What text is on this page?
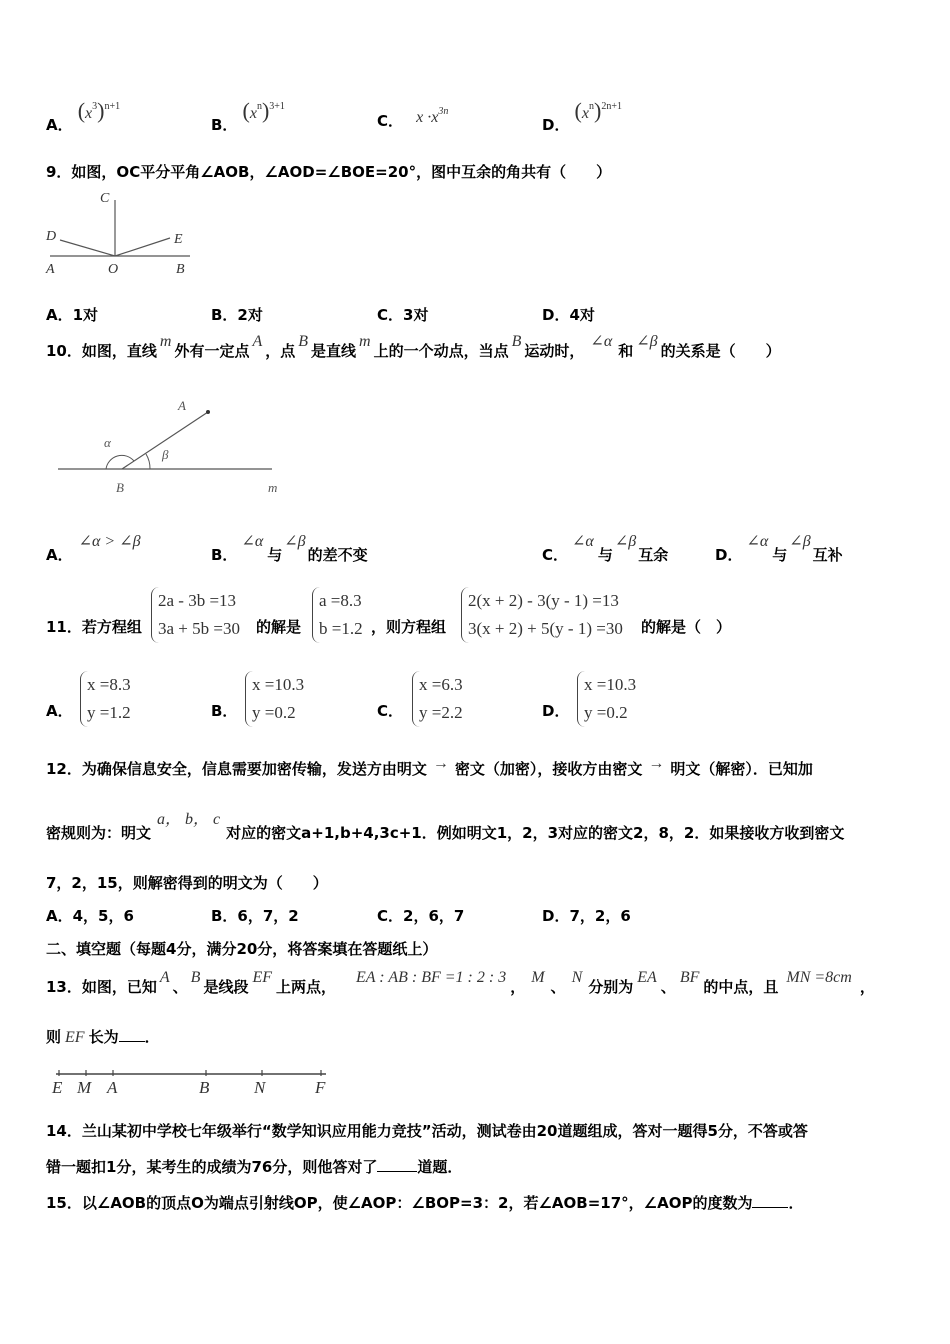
A． $(x^3)^{n+1}$
B． $(x^n)^{3+1}$
C． $x \cdot x^{3n}$
D． $(x^n)^{2n+1}$
9．如图，OC平分平角∠AOB，∠AOD=∠BOE=20°，图中互余的角共有（　　）
C
D	E
A	O	B
A．1对	B．2对	C．3对	D．4对
10．如图，直线m外有一定点A，点B是直线m上的一个动点，当点B运动时，∠α和∠β的关系是（　　）
A
α
β
B	m
A．∠α > ∠β
B．∠α与∠β的差不变	C．∠α与∠β互余	D．∠α与∠β互补
11．若方程组
2a - 3b =13
3a + 5b =30 的解是
a =8.3
b =1.2 ，则方程组
2(x + 2) - 3(y - 1) =13
3(x + 2) + 5(y - 1) =30 的解是（　）
A．
x =8.3
y =1.2	B．
x =10.3
y =0.2	C．
x =6.3
y =2.2	D．
x =10.3
y =0.2
12．为确保信息安全，信息需要加密传输，发送方由明文 → 密文（加密），接收方由密文 → 明文（解密）．已知加
密规则为：明文a， b， c对应的密文a+1,b+4,3c+1．例如明文1，2，3对应的密文2，8，2．如果接收方收到密文
7，2，15，则解密得到的明文为（　　）
A．4，5，6	B．6，7，2	C．2，6，7	D．7，2，6
二、填空题（每题4分，满分20分，将答案填在答题纸上）
13．如图，已知A、B是线段EF上两点，EA : AB : BF =1 : 2 : 3，M、N分别为EA、BF的中点，且MN =8cm，
则 EF 长为 ．
E M A	B	N	F
14．兰山某初中学校七年级举行“数学知识应用能力竞技”活动，测试卷由20道题组成，答对一题得5分，不答或答
错一题扣1分，某考生的成绩为76分，则他答对了	道题．
15．以∠AOB的顶点O为端点引射线OP，使∠AOP：∠BOP=3：2，若∠AOB=17°，∠AOP的度数为 ．
